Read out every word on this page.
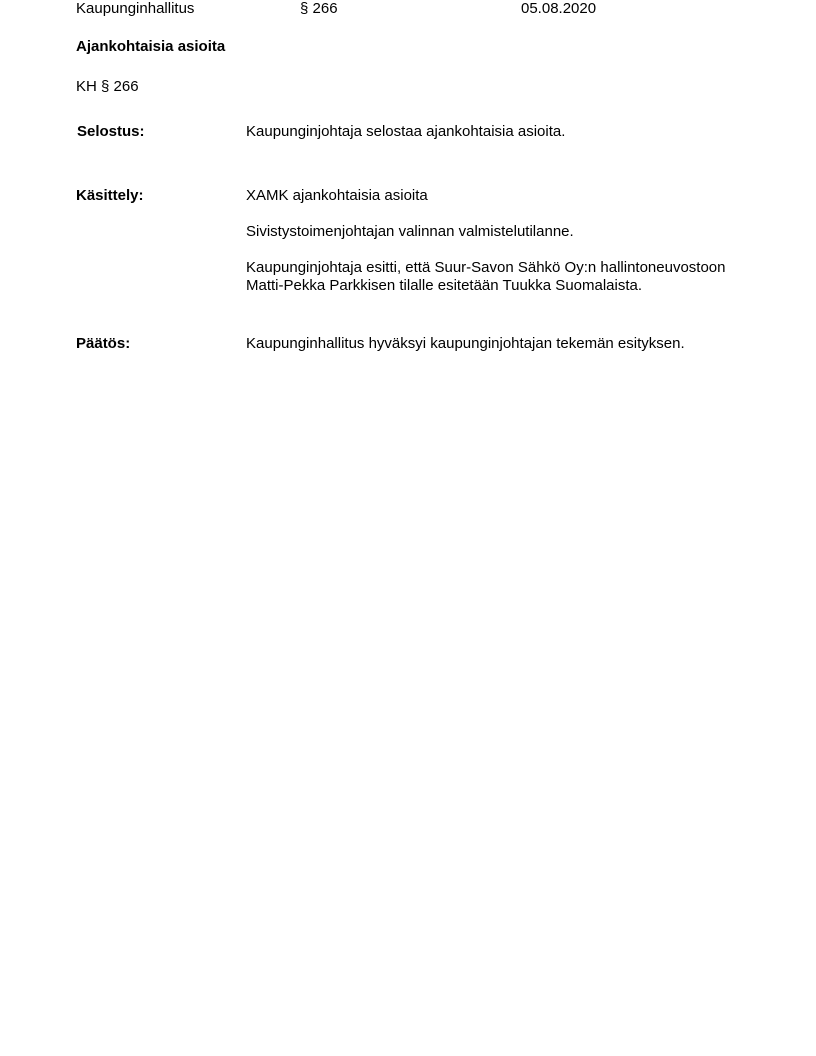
Kaupunginhallitus	§ 266	05.08.2020
Ajankohtaisia asioita
KH § 266
Selostus:	Kaupunginjohtaja selostaa ajankohtaisia asioita.
Käsittely:	XAMK ajankohtaisia asioita
Sivistystoimenjohtajan valinnan valmistelutilanne.
Kaupunginjohtaja esitti, että Suur-Savon Sähkö Oy:n hallintoneuvostoon Matti-Pekka Parkkisen tilalle esitetään Tuukka Suomalaista.
Päätös:	Kaupunginhallitus hyväksyi kaupunginjohtajan tekemän esityksen.
